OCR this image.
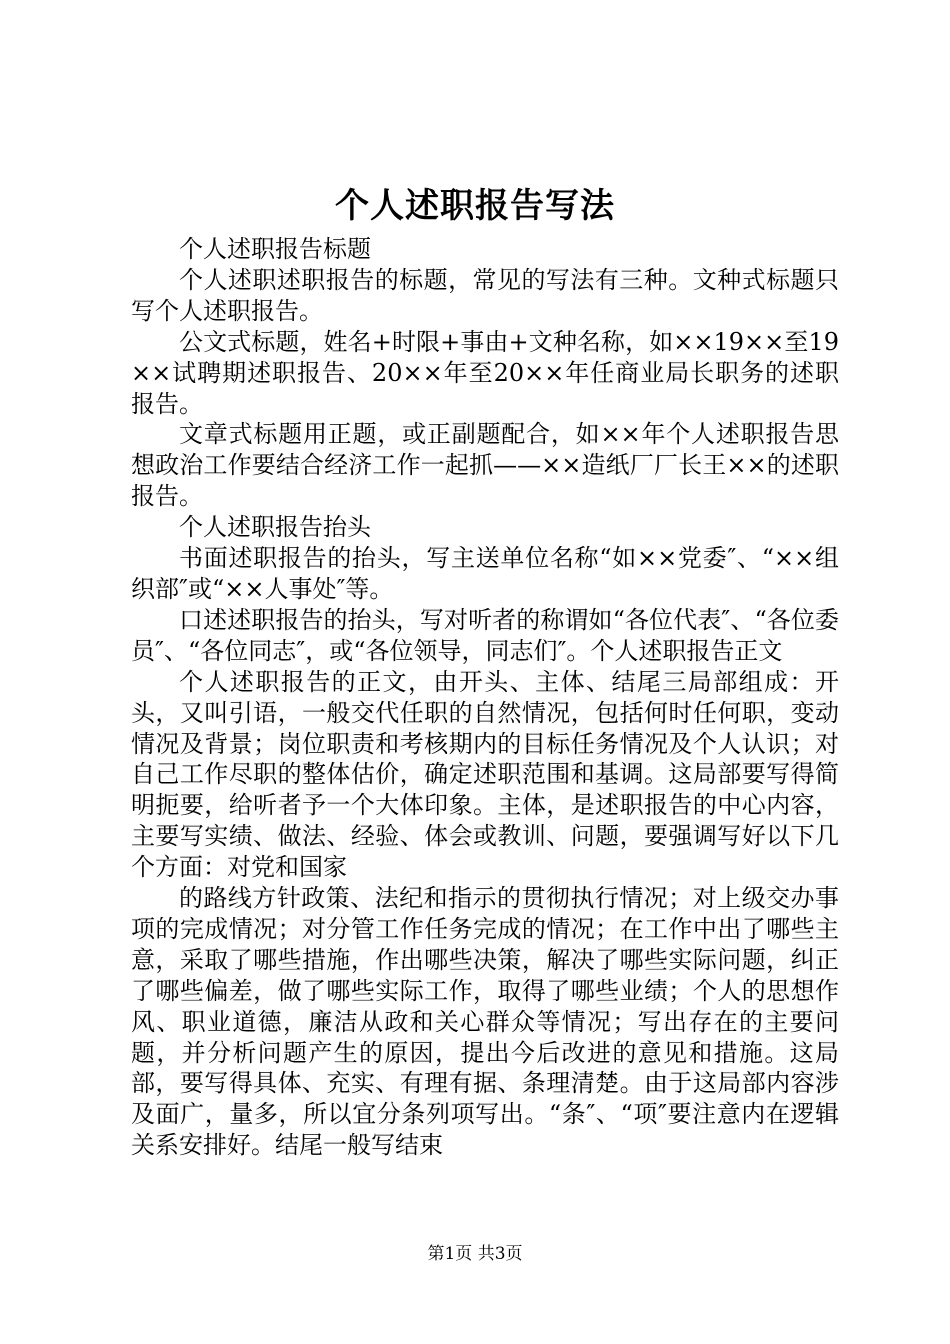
个人述职报告写法

个人述职报告标题

个人述职述职报告的标题，常见的写法有三种。文种式标题只写个人述职报告。

公文式标题，姓名+时限+事由+文种名称，如××19××至19××试聘期述职报告、20××年至20××年任商业局长职务的述职报告。

文章式标题用正题，或正副题配合，如××年个人述职报告思想政治工作要结合经济工作一起抓——××造纸厂厂长王××的述职报告。

个人述职报告抬头

书面述职报告的抬头，写主送单位名称“如××党委″、“××组织部″或“××人事处″等。

口述述职报告的抬头，写对听者的称谓如“各位代表″、“各位委员″、“各位同志″，或“各位领导，同志们″。个人述职报告正文

个人述职报告的正文，由开头、主体、结尾三局部组成：开头，又叫引语，一般交代任职的自然情况，包括何时任何职，变动情况及背景；岗位职责和考核期内的目标任务情况及个人认识；对自己工作尽职的整体估价，确定述职范围和基调。这局部要写得简明扼要，给听者予一个大体印象。主体，是述职报告的中心内容，主要写实绩、做法、经验、体会或教训、问题，要强调写好以下几个方面：对党和国家

的路线方针政策、法纪和指示的贯彻执行情况；对上级交办事项的完成情况；对分管工作任务完成的情况；在工作中出了哪些主意，采取了哪些措施，作出哪些决策，解决了哪些实际问题，纠正了哪些偏差，做了哪些实际工作，取得了哪些业绩；个人的思想作风、职业道德，廉洁从政和关心群众等情况；写出存在的主要问题，并分析问题产生的原因，提出今后改进的意见和措施。这局部，要写得具体、充实、有理有据、条理清楚。由于这局部内容涉及面广，量多，所以宜分条列项写出。“条″、“项″要注意内在逻辑关系安排好。结尾一般写结束

第1页 共3页
